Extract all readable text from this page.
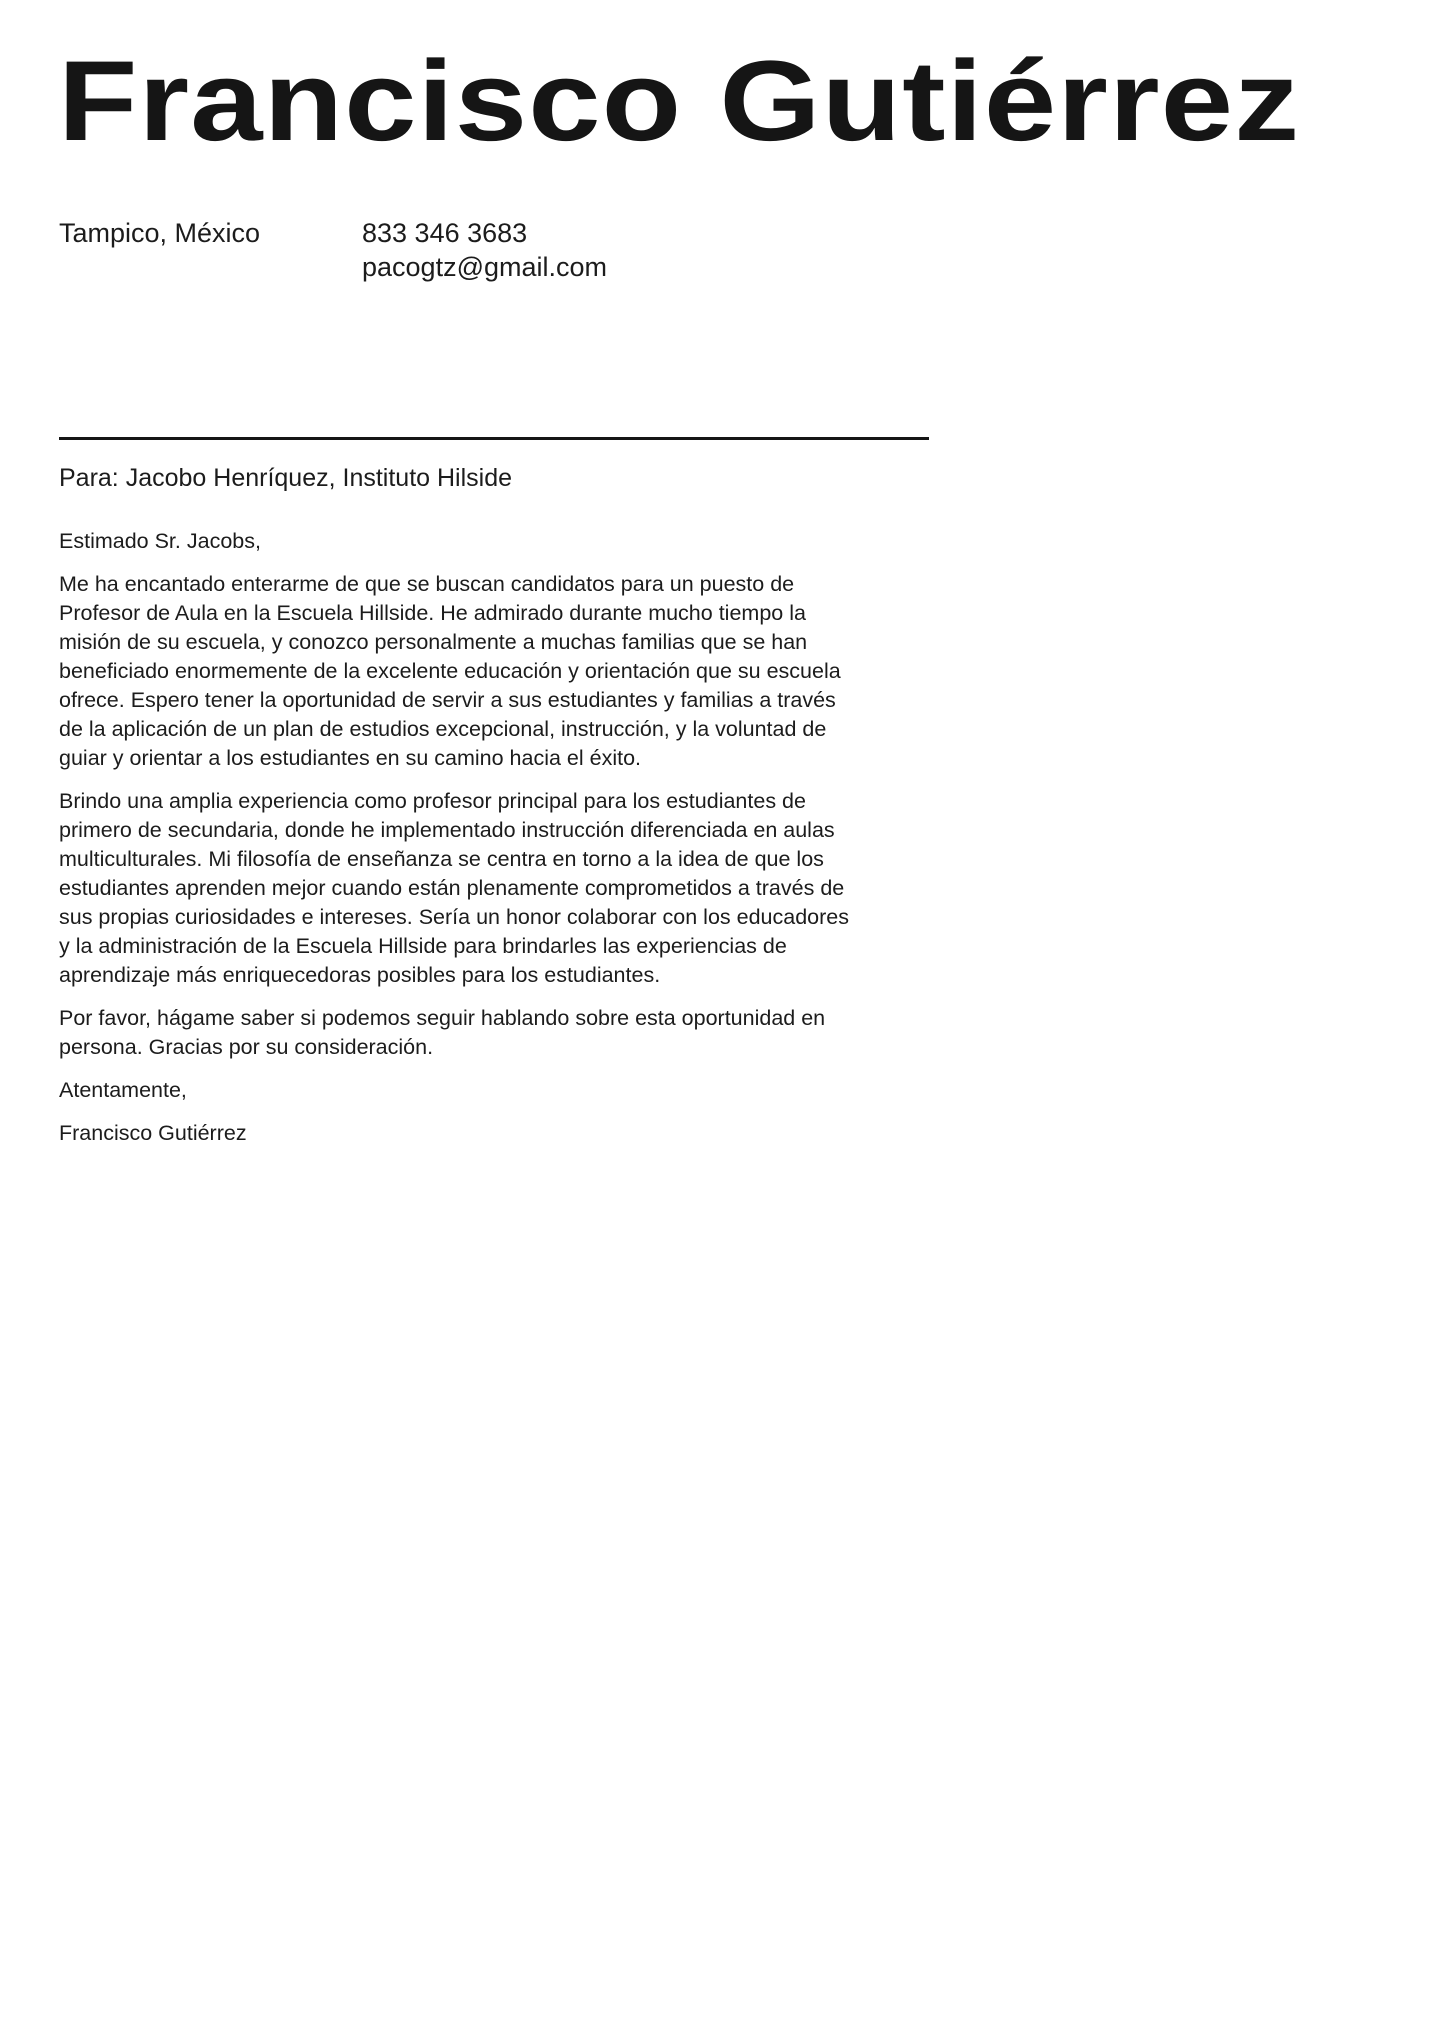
Francisco Gutiérrez
Tampico, México	833 346 3683
pacogtz@gmail.com
Para: Jacobo Henríquez, Instituto Hilside
Estimado Sr. Jacobs,
Me ha encantado enterarme de que se buscan candidatos para un puesto de
Profesor de Aula en la Escuela Hillside. He admirado durante mucho tiempo la
misión de su escuela, y conozco personalmente a muchas familias que se han
beneficiado enormemente de la excelente educación y orientación que su escuela
ofrece. Espero tener la oportunidad de servir a sus estudiantes y familias a través
de la aplicación de un plan de estudios excepcional, instrucción, y la voluntad de
guiar y orientar a los estudiantes en su camino hacia el éxito.
Brindo una amplia experiencia como profesor principal para los estudiantes de
primero de secundaria, donde he implementado instrucción diferenciada en aulas
multiculturales. Mi filosofía de enseñanza se centra en torno a la idea de que los
estudiantes aprenden mejor cuando están plenamente comprometidos a través de
sus propias curiosidades e intereses. Sería un honor colaborar con los educadores
y la administración de la Escuela Hillside para brindarles las experiencias de
aprendizaje más enriquecedoras posibles para los estudiantes.
Por favor, hágame saber si podemos seguir hablando sobre esta oportunidad en
persona. Gracias por su consideración.
Atentamente,
Francisco Gutiérrez
